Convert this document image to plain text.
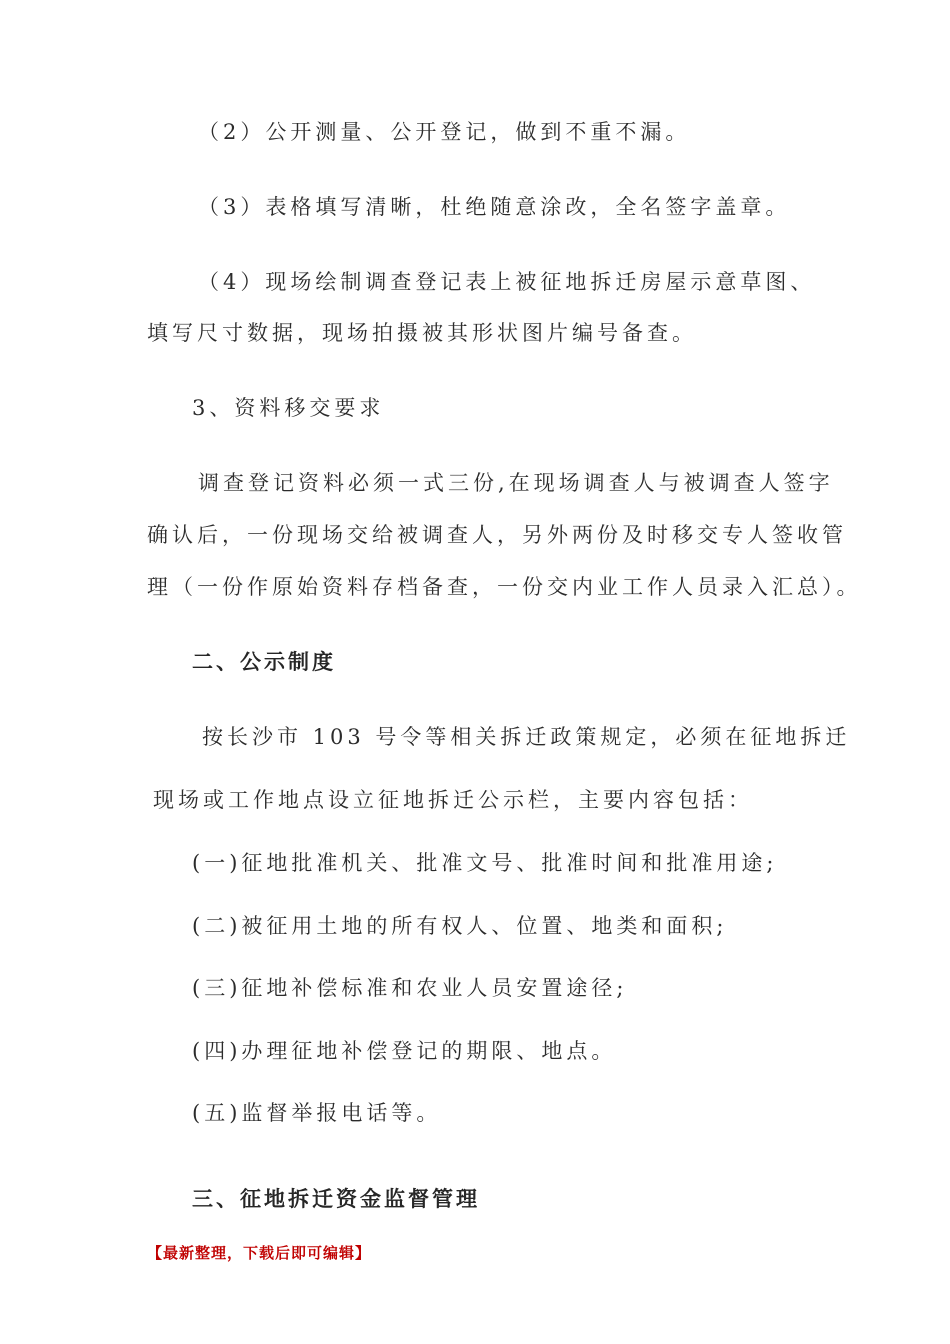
（2）公开测量、公开登记，做到不重不漏。
（3）表格填写清晰，杜绝随意涂改，全名签字盖章。
（4）现场绘制调查登记表上被征地拆迁房屋示意草图、
填写尺寸数据，现场拍摄被其形状图片编号备查。
3、资料移交要求
调查登记资料必须一式三份,在现场调查人与被调查人签字
确认后，一份现场交给被调查人，另外两份及时移交专人签收管
理（一份作原始资料存档备查，一份交内业工作人员录入汇总）。
二、公示制度
按长沙市 103 号令等相关拆迁政策规定，必须在征地拆迁
现场或工作地点设立征地拆迁公示栏，主要内容包括：
(一)征地批准机关、批准文号、批准时间和批准用途;
(二)被征用土地的所有权人、位置、地类和面积;
(三)征地补偿标准和农业人员安置途径;
(四)办理征地补偿登记的期限、地点。
(五)监督举报电话等。
三、征地拆迁资金监督管理
【最新整理，下载后即可编辑】
